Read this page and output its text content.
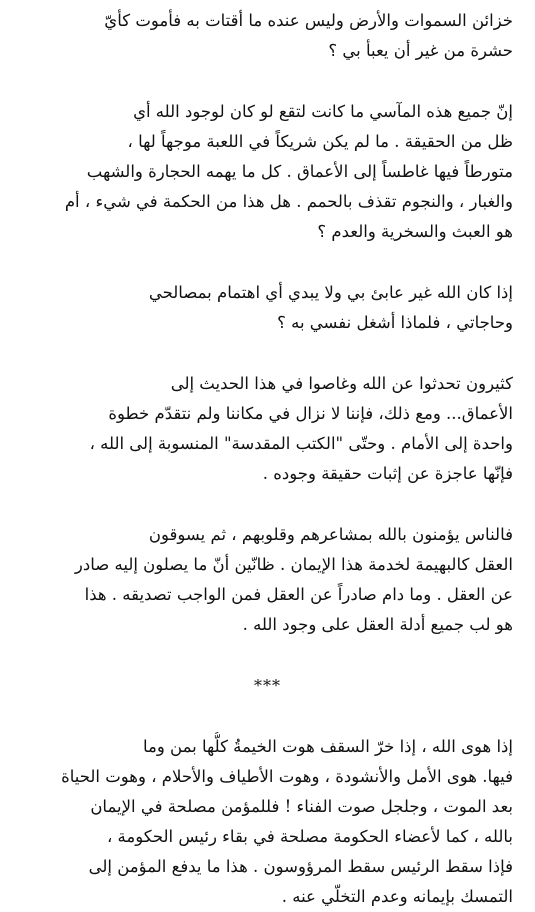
خزائن السموات والأرض وليس عنده ما أقتات به فأموت كأيّ
حشرة من غير أن يعبأ بي ؟
إنّ جميع هذه المآسي ما كانت لتقع لو كان لوجود الله أي
ظل من الحقيقة . ما لم يكن شريكاً في اللعبة موجهاً لها ،
متورطاً فيها غاطساً إلى الأعماق . كل ما يهمه الحجارة والشهب
والغبار ، والنجوم تقذف بالحمم . هل هذا من الحكمة في شيء ، أم
هو العبث والسخرية والعدم ؟
إذا كان الله غير عابئ بي ولا يبدي أي اهتمام بمصالحي
وحاجاتي ، فلماذا أشغل نفسي به ؟
كثيرون تحدثوا عن الله وغاصوا في هذا الحديث إلى
الأعماق... ومع ذلك، فإننا لا نزال في مكاننا ولم نتقدّم خطوة
واحدة إلى الأمام . وحتّى "الكتب المقدسة" المنسوبة إلى الله ،
فإنّها عاجزة عن إثبات حقيقة وجوده .
فالناس يؤمنون بالله بمشاعرهم وقلوبهم ، ثم يسوقون
العقل كالبهيمة لخدمة هذا الإيمان . ظانّين أنّ ما يصلون إليه صادر
عن العقل . وما دام صادراً عن العقل فمن الواجب تصديقه . هذا
هو لب جميع أدلة العقل على وجود الله .
***
إذا هوى الله ، إذا خرّ السقف هوت الخيمةُ كلُّها بمن وما
فيها. هوى الأمل والأنشودة ، وهوت الأطياف والأحلام ، وهوت الحياة
بعد الموت ، وجلجل صوت الفناء ! فللمؤمن مصلحة في الإيمان
بالله ، كما لأعضاء الحكومة مصلحة في بقاء رئيس الحكومة ،
فإذا سقط الرئيس سقط المرؤوسون . هذا ما يدفع المؤمن إلى
التمسك بإيمانه وعدم التخلّي عنه .
